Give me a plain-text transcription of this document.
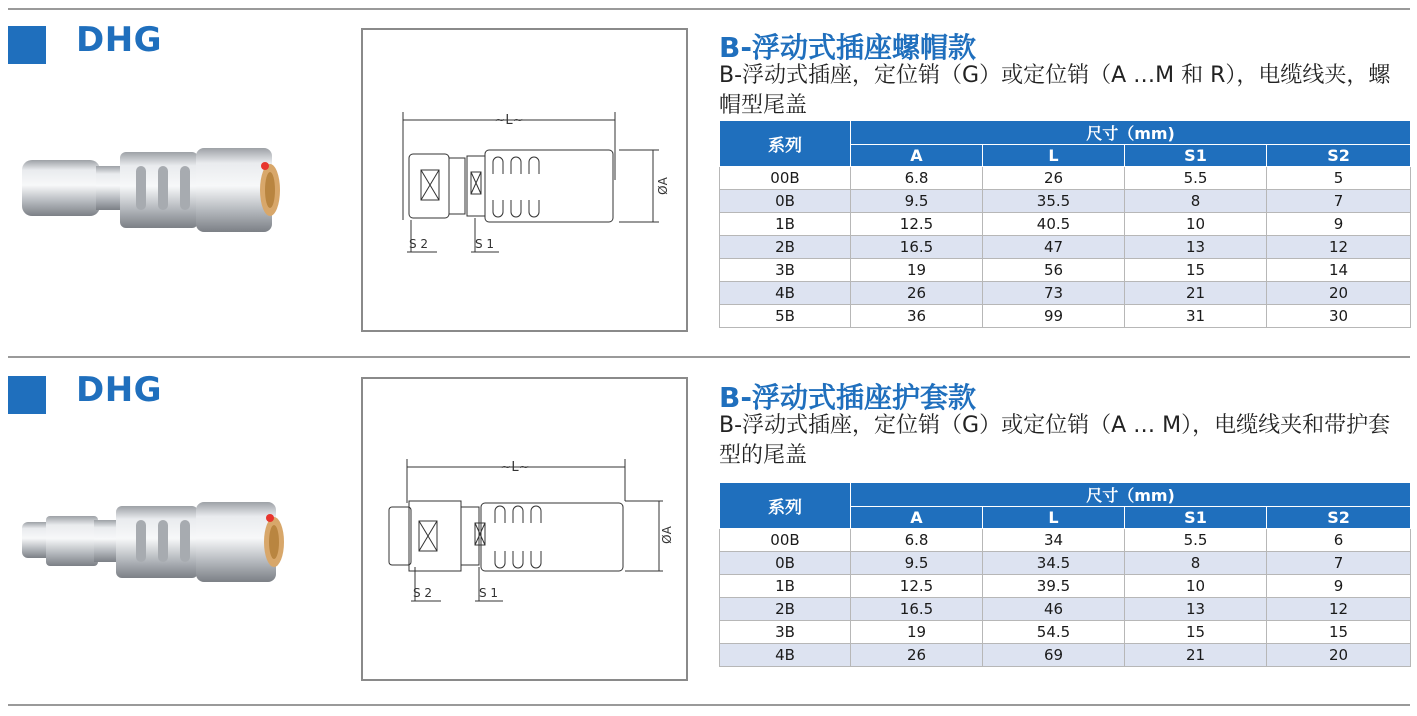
DHG
~L~
ØA
S 2	S 1
B-浮动式插座螺帽款
B-浮动式插座，定位销（G）或定位销（A …M 和 R），电缆线夹，螺帽型尾盖
系列	尺寸（mm)			
	A	L	S1	S2
00B	6.8	26	5.5	5
0B	9.5	35.5	8	7
1B	12.5	40.5	10	9
2B	16.5	47	13	12
3B	19	56	15	14
4B	26	73	21	20
5B	36	99	31	30
DHG
~L~
ØA
S 2	S 1
B-浮动式插座护套款
B-浮动式插座，定位销（G）或定位销（A … M），电缆线夹和带护套型的尾盖
系列	尺寸（mm)			
	A	L	S1	S2
00B	6.8	34	5.5	6
0B	9.5	34.5	8	7
1B	12.5	39.5	10	9
2B	16.5	46	13	12
3B	19	54.5	15	15
4B	26	69	21	20
